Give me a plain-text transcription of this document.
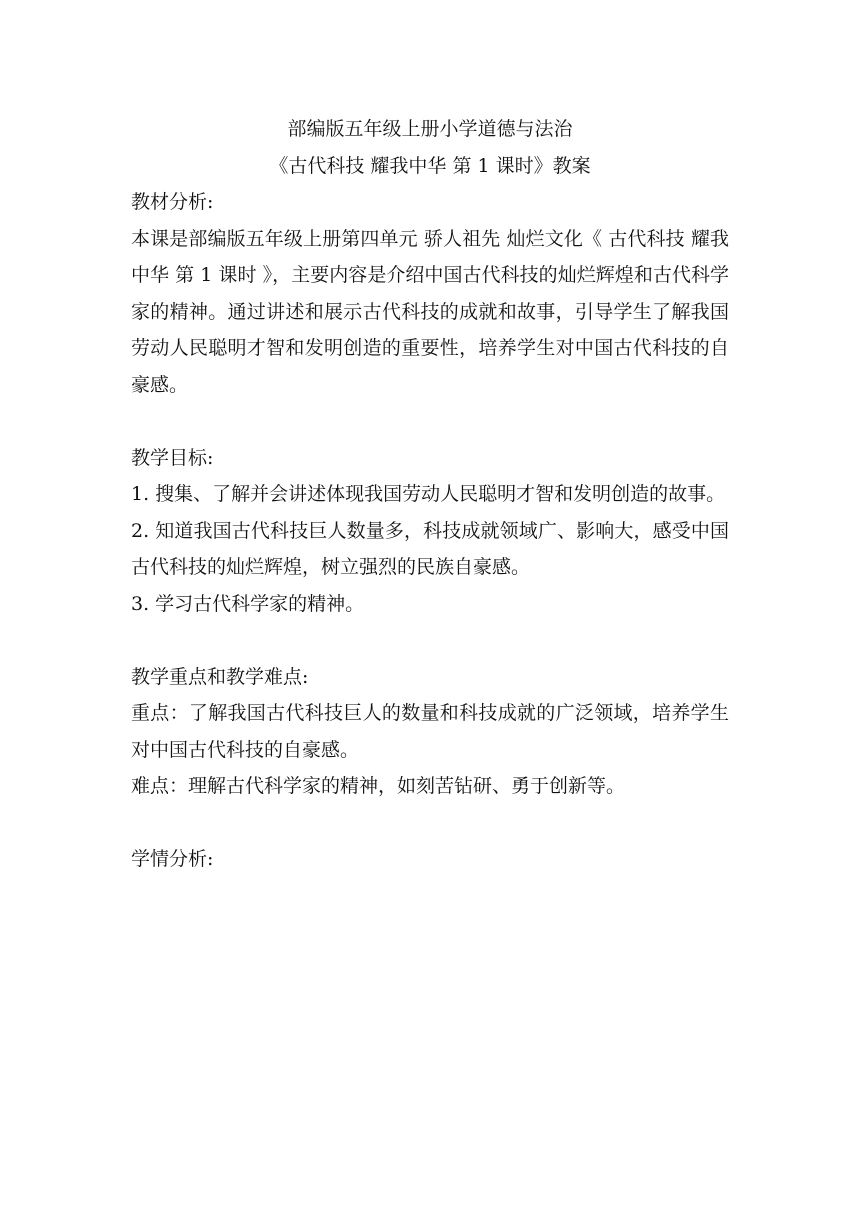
部编版五年级上册小学道德与法治

《古代科技 耀我中华 第 1 课时》教案

教材分析:

本课是部编版五年级上册第四单元 骄人祖先 灿烂文化《 古代科技 耀我中华 第 1 课时 》，主要内容是介绍中国古代科技的灿烂辉煌和古代科学家的精神。通过讲述和展示古代科技的成就和故事，引导学生了解我国劳动人民聪明才智和发明创造的重要性，培养学生对中国古代科技的自豪感。

教学目标:

1. 搜集、了解并会讲述体现我国劳动人民聪明才智和发明创造的故事。

2. 知道我国古代科技巨人数量多，科技成就领域广、影响大，感受中国古代科技的灿烂辉煌，树立强烈的民族自豪感。

3. 学习古代科学家的精神。

教学重点和教学难点:

重点：了解我国古代科技巨人的数量和科技成就的广泛领域，培养学生对中国古代科技的自豪感。

难点：理解古代科学家的精神，如刻苦钻研、勇于创新等。

学情分析:
